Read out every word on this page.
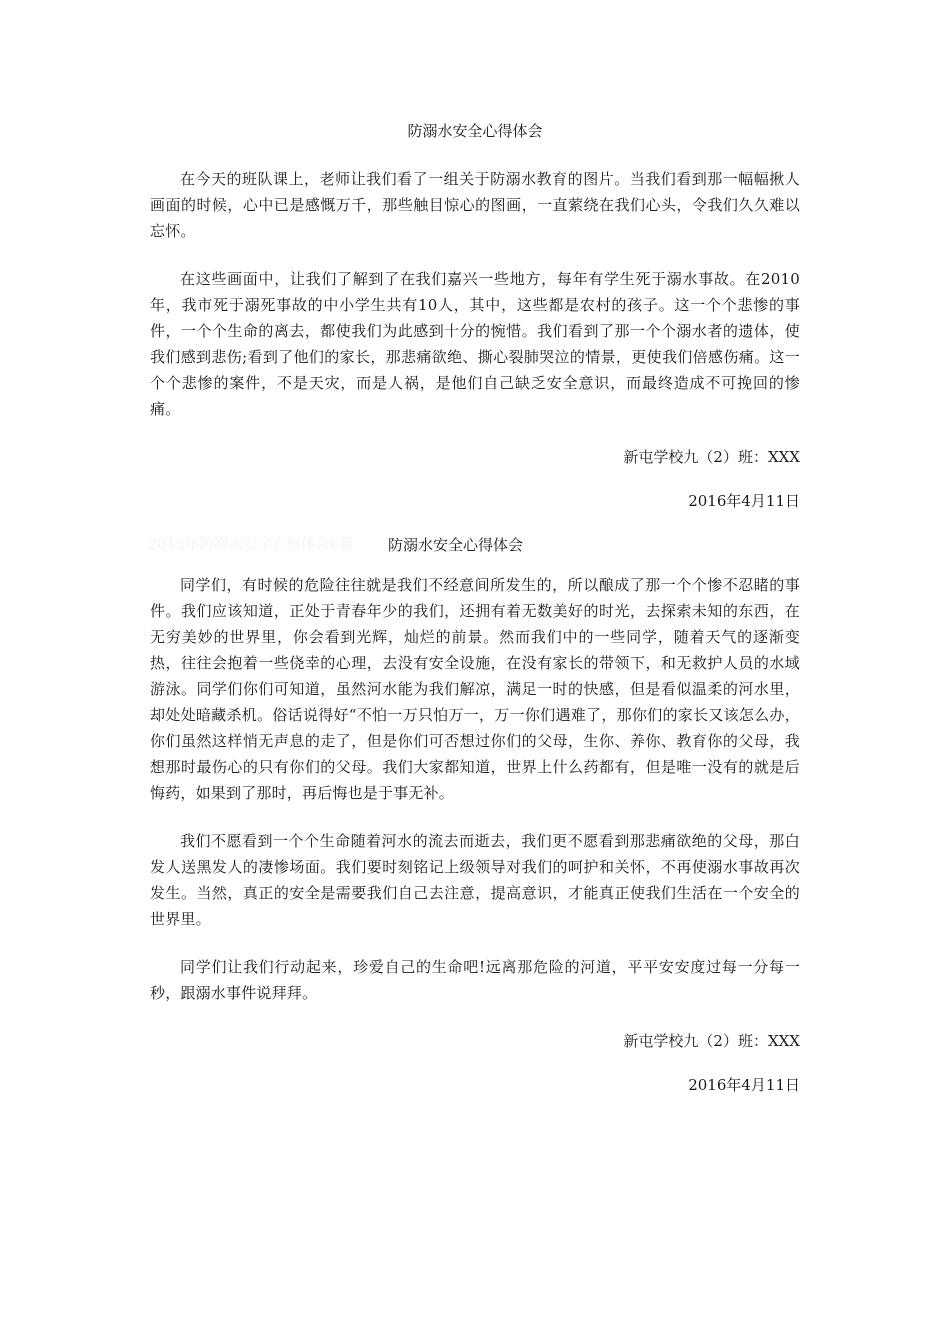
防溺水安全心得体会

在今天的班队课上，老师让我们看了一组关于防溺水教育的图片。当我们看到那一幅幅揪人画面的时候，心中已是感慨万千，那些触目惊心的图画，一直萦绕在我们心头，令我们久久难以忘怀。

在这些画面中，让我们了解到了在我们嘉兴一些地方，每年有学生死于溺水事故。在2010年，我市死于溺死事故的中小学生共有10人，其中，这些都是农村的孩子。这一个个悲惨的事件，一个个生命的离去，都使我们为此感到十分的惋惜。我们看到了那一个个溺水者的遗体，使我们感到悲伤;看到了他们的家长，那悲痛欲绝、撕心裂肺哭泣的情景，更使我们倍感伤痛。这一个个悲惨的案件，不是天灾，而是人祸，是他们自己缺乏安全意识，而最终造成不可挽回的惨痛。

新屯学校九（2）班：XXX
2016年4月11日
2015年防溺水安全心得体会6篇 防溺水安全心得体会

同学们，有时候的危险往往就是我们不经意间所发生的，所以酿成了那一个个惨不忍睹的事件。我们应该知道，正处于青春年少的我们，还拥有着无数美好的时光，去探索未知的东西，在无穷美妙的世界里，你会看到光辉，灿烂的前景。然而我们中的一些同学，随着天气的逐渐变热，往往会抱着一些侥幸的心理，去没有安全设施，在没有家长的带领下，和无救护人员的水域游泳。同学们你们可知道，虽然河水能为我们解凉，满足一时的快感，但是看似温柔的河水里，却处处暗藏杀机。俗话说得好“不怕一万只怕万一，万一你们遇难了，那你们的家长又该怎么办，你们虽然这样悄无声息的走了，但是你们可否想过你们的父母，生你、养你、教育你的父母，我想那时最伤心的只有你们的父母。我们大家都知道，世界上什么药都有，但是唯一没有的就是后悔药，如果到了那时，再后悔也是于事无补。

我们不愿看到一个个生命随着河水的流去而逝去，我们更不愿看到那悲痛欲绝的父母，那白发人送黑发人的凄惨场面。我们要时刻铭记上级领导对我们的呵护和关怀，不再使溺水事故再次发生。当然，真正的安全是需要我们自己去注意，提高意识，才能真正使我们生活在一个安全的世界里。

同学们让我们行动起来，珍爱自己的生命吧!远离那危险的河道，平平安安度过每一分每一秒，跟溺水事件说拜拜。

新屯学校九（2）班：XXX
2016年4月11日
